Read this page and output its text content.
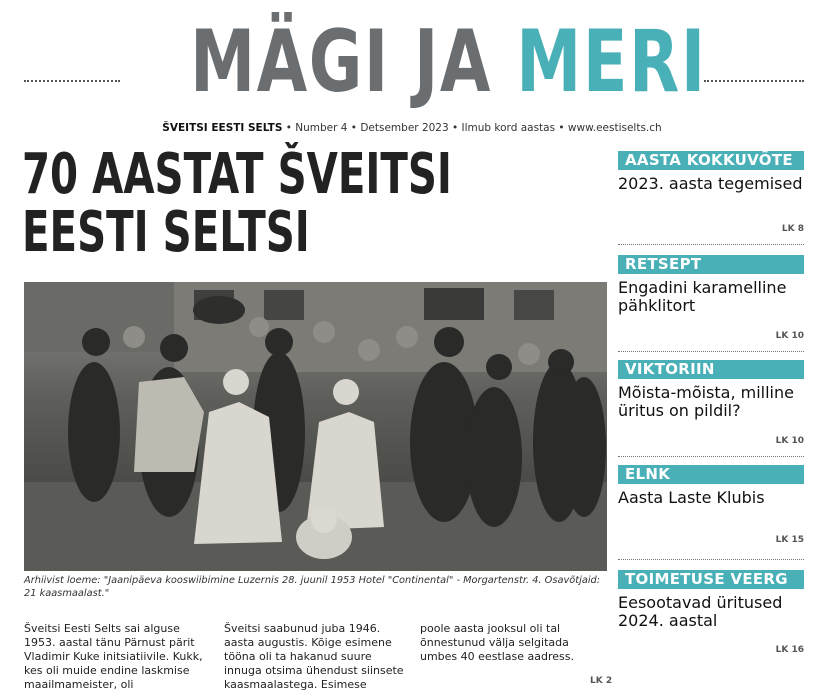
MÄGI JA MERI
ŠVEITSI EESTI SELTS • Number 4 • Detsember 2023 • Ilmub kord aastas • www.eestiselts.ch
70 AASTAT ŠVEITSI
EESTI SELTSI
Arhiivist loeme: "Jaanipäeva kooswiibimine Luzernis 28. juunil 1953 Hotel "Continental" - Morgartenstr. 4. Osavõtjaid: 21 kaasmaalast."
Šveitsi Eesti Selts sai alguse 1953. aastal tänu Pärnust pärit Vladimir Kuke initsiatiivile. Kukk, kes oli muide endine laskmise maailmameister, oli
Šveitsi saabunud juba 1946. aasta augustis. Kõige esimene tööna oli ta hakanud suure innuga otsima ühendust siinsete kaasmaalastega. Esimese
poole aasta jooksul oli tal õnnestunud välja selgitada umbes 40 eestlase aadress.
LK 2
AASTA KOKKUVÕTE
2023. aasta tegemised
LK 8
RETSEPT
Engadini karamelline pähklitort
LK 10
VIKTORIIN
Mõista-mõista, milline üritus on pildil?
LK 10
ELNK
Aasta Laste Klubis
LK 15
TOIMETUSE VEERG
Eesootavad üritused 2024. aastal
LK 16
